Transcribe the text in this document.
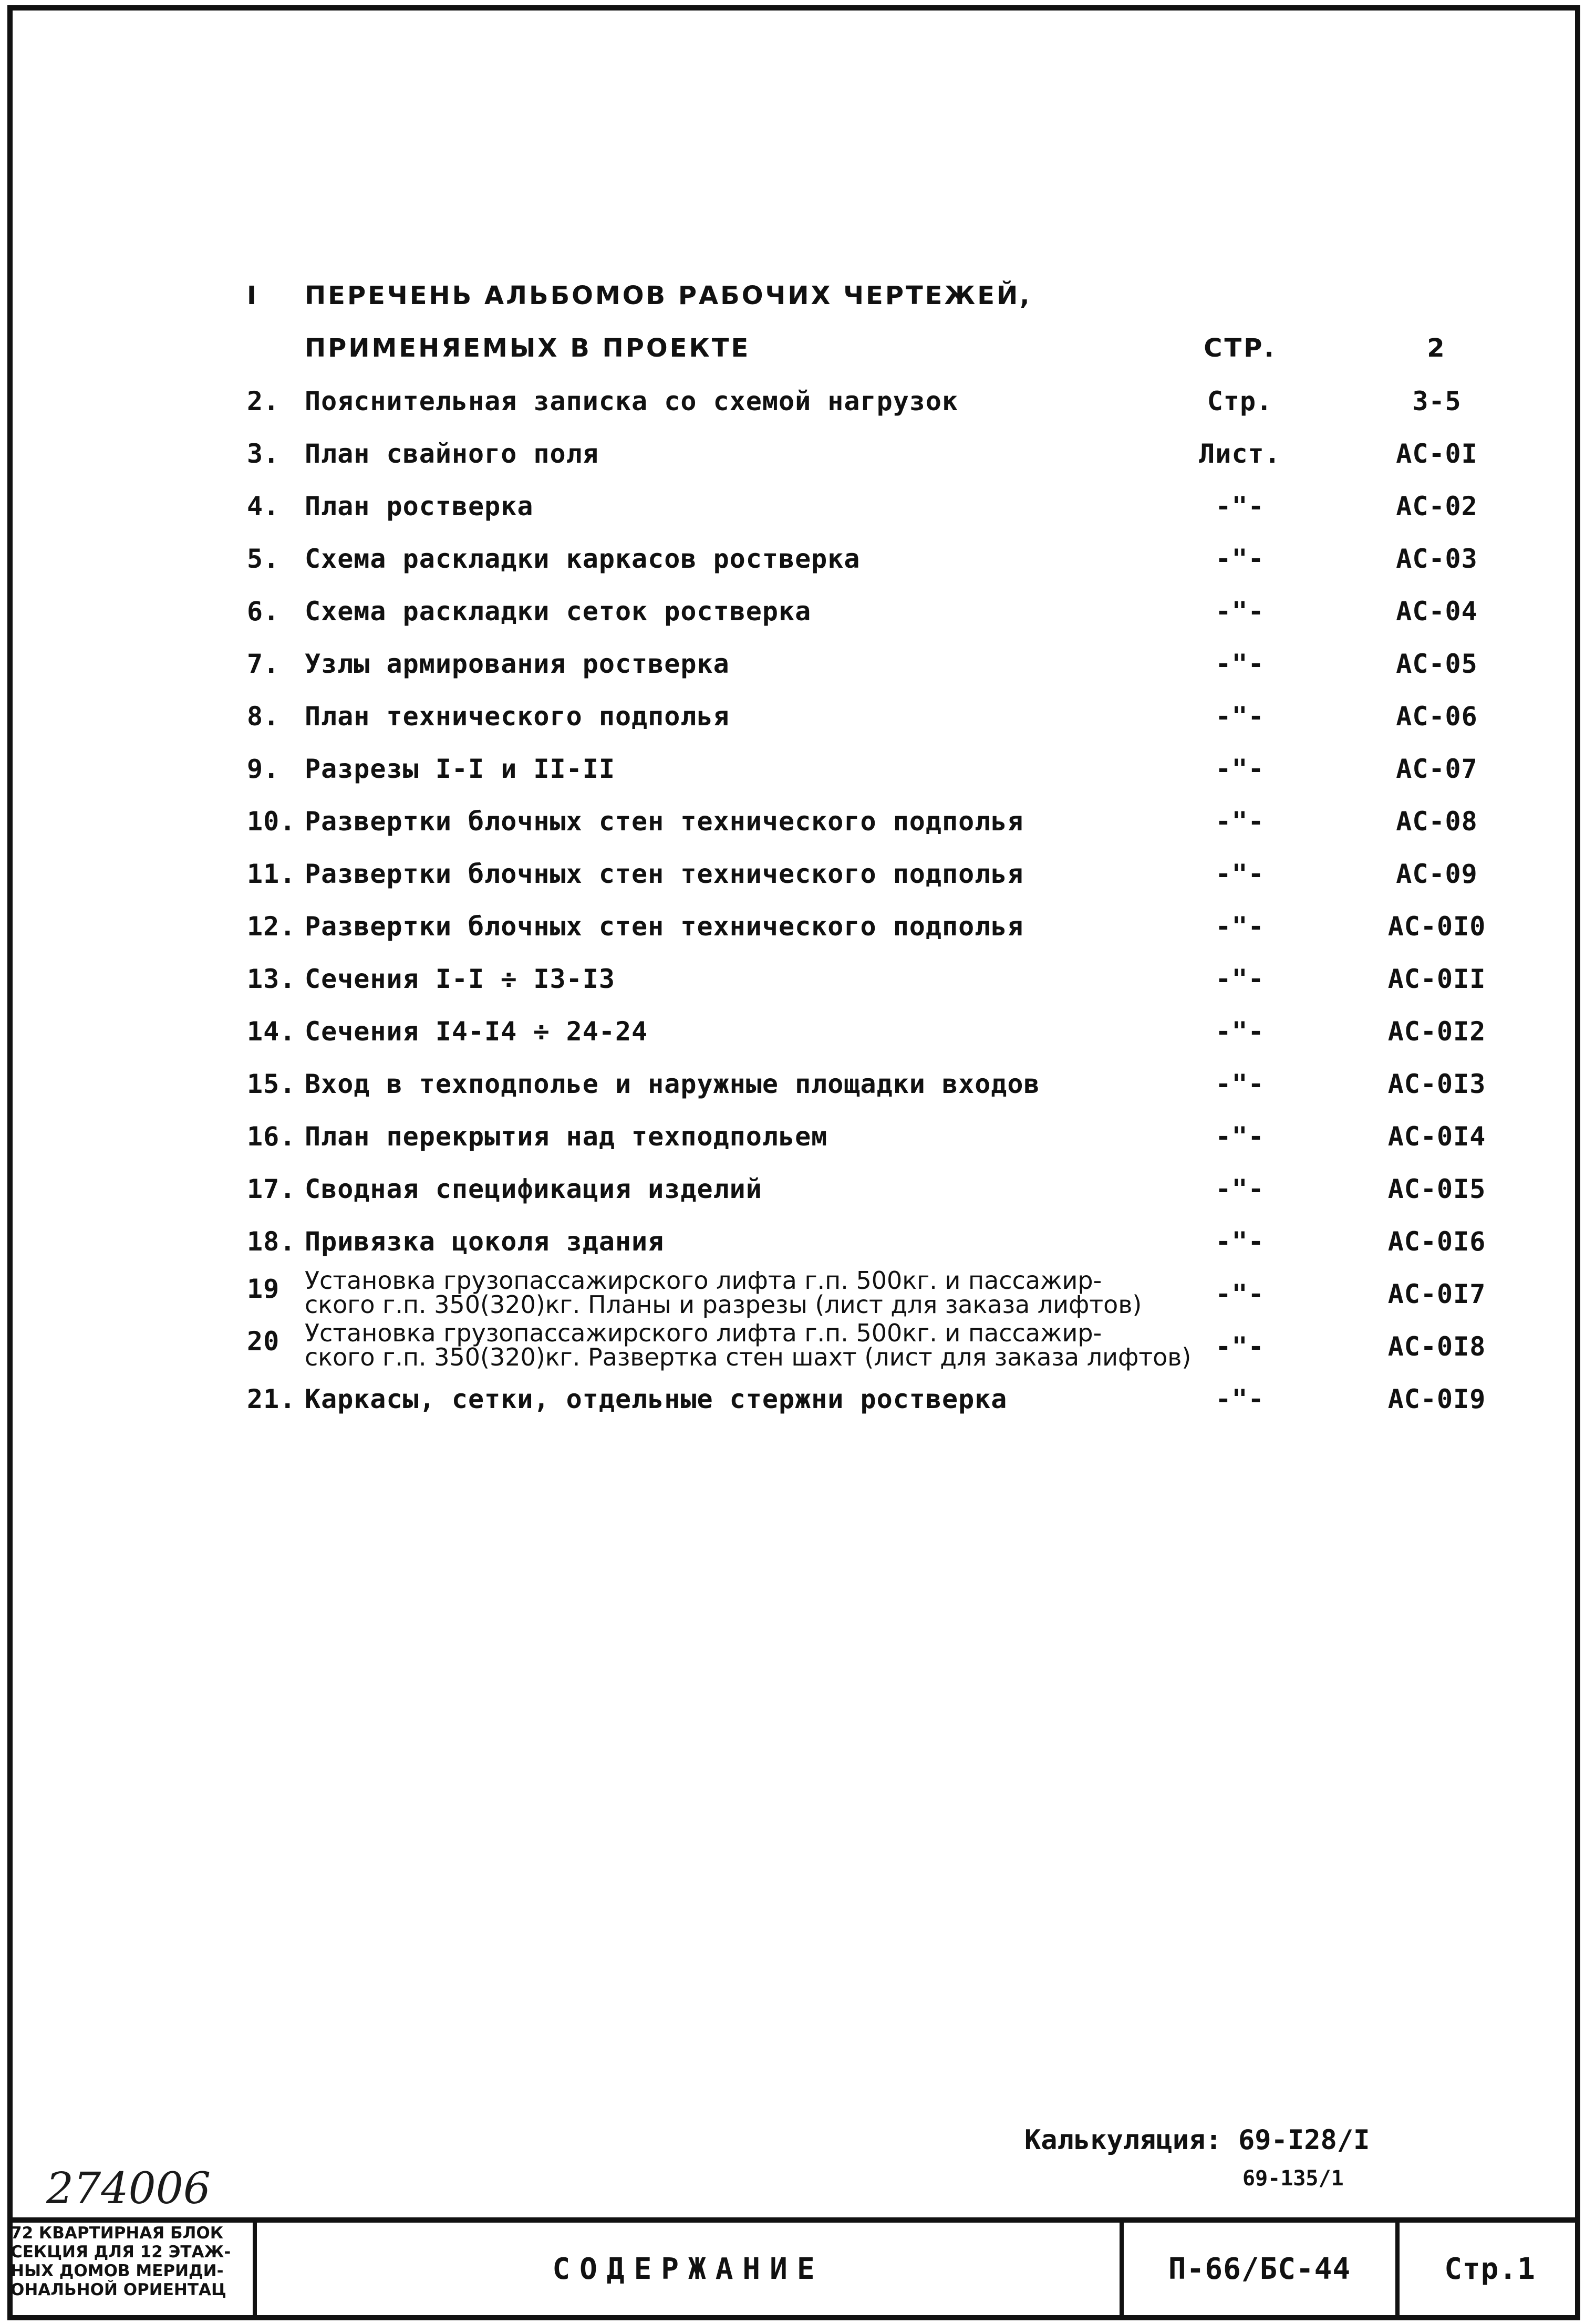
I	ПЕРЕЧЕНЬ АЛЬБОМОВ РАБОЧИХ ЧЕРТЕЖЕЙ,
ПРИМЕНЯЕМЫХ В ПРОЕКТЕ	СТР.	2
2. Пояснительная записка со схемой нагрузок	Стр.	3-5
3. План свайного поля	Лист.	АС-0I
4. План ростверка	-"-	АС-02
5. Схема раскладки каркасов ростверка	-"-	АС-03
6. Схема раскладки сеток ростверка	-"-	АС-04
7. Узлы армирования ростверка	-"-	АС-05
8. План технического подполья	-"-	АС-06
9. Разрезы I-I и II-II	-"-	АС-07
10. Развертки блочных стен технического подполья	-"-	АС-08
11. Развертки блочных стен технического подполья	-"-	АС-09
12. Развертки блочных стен технического подполья	-"-	АС-0I0
13. Сечения I-I ÷ I3-I3	-"-	АС-0II
14. Сечения I4-I4 ÷ 24-24	-"-	АС-0I2
15. Вход в техподполье и наружные площадки входов	-"-	АС-0I3
16. План перекрытия над техподпольем	-"-	АС-0I4
17. Сводная спецификация изделий	-"-	АС-0I5
18. Привязка цоколя здания	-"-	АС-0I6
19	Установка грузопассажирского лифта г.п. 500кг. и пассажир-
ского г.п. 350(320)кг. Планы и разрезы (лист для заказа лифтов)	-"-	АС-0I7
20	Установка грузопассажирского лифта г.п. 500кг. и пассажир-
ского г.п. 350(320)кг. Развертка стен шахт (лист для заказа лифтов) -"-	АС-0I8
21. Каркасы, сетки, отдельные стержни ростверка	-"-	АС-0I9
Калькуляция: 69-I28/I
69-135/1
274006
72 КВАРТИРНАЯ БЛОК
СЕКЦИЯ ДЛЯ 12 ЭТАЖ-
НЫХ ДОМОВ МЕРИДИ-
ОНАЛЬНОЙ ОРИЕНТАЦ
СОДЕРЖАНИЕ	П-66/БС-44	Стр.1
